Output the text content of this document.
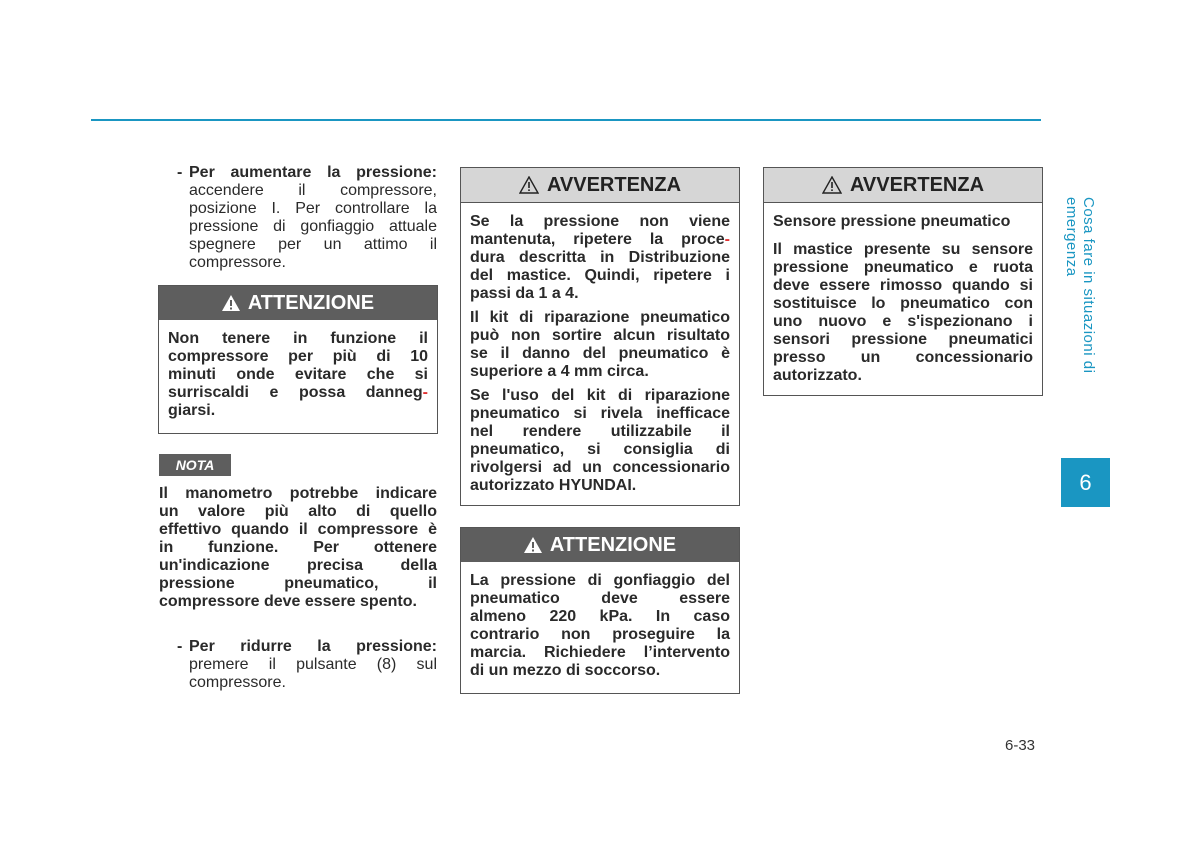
- Per aumentare la pressione:
accendere il compressore,
posizione I. Per controllare la
pressione di gonfiaggio attuale
spegnere per un attimo il
compressore.
ATTENZIONE
Non tenere in funzione il
compressore per più di 10
minuti onde evitare che si
surriscaldi e possa danneg-
giarsi.
NOTA
Il manometro potrebbe indicare
un valore più alto di quello
effettivo quando il compressore è
in funzione. Per ottenere
un'indicazione precisa della
pressione pneumatico, il
compressore deve essere spento.
- Per ridurre la pressione:
premere il pulsante (8) sul
compressore.
AVVERTENZA

Se la pressione non viene
mantenuta, ripetere la proce-
dura descritta in Distribuzione
del mastice. Quindi, ripetere i
passi da 1 a 4.

Il kit di riparazione pneumatico
può non sortire alcun risultato
se il danno del pneumatico è
superiore a 4 mm circa.

Se l'uso del kit di riparazione
pneumatico si rivela inefficace
nel rendere utilizzabile il
pneumatico, si consiglia di
rivolgersi ad un concessionario
autorizzato HYUNDAI.

ATTENZIONE
La pressione di gonfiaggio del
pneumatico deve essere
almeno 220 kPa. In caso
contrario non proseguire la
marcia. Richiedere l’intervento
di un mezzo di soccorso.
AVVERTENZA

Sensore pressione pneumatico

Il mastice presente su sensore
pressione pneumatico e ruota
deve essere rimosso quando si
sostituisce lo pneumatico con
uno nuovo e s'ispezionano i
sensori pressione pneumatici
presso un concessionario
autorizzato.
Cosa fare in situazioni di emergenza
6
6-33
